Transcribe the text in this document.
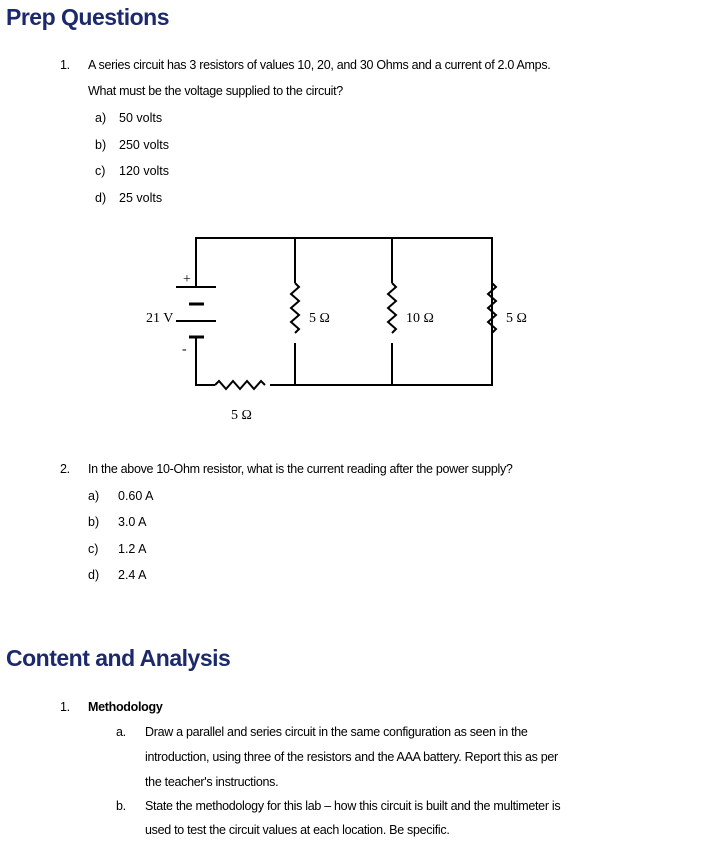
Prep Questions
1. A series circuit has 3 resistors of values 10, 20, and 30 Ohms and a current of 2.0 Amps.
What must be the voltage supplied to the circuit?
a) 50 volts
b) 250 volts
c) 120 volts
d) 25 volts
+
-
21 V	5 Ω	10 Ω	5 Ω
5 Ω
2. In the above 10-Ohm resistor, what is the current reading after the power supply?
a) 0.60 A
b) 3.0 A
c) 1.2 A
d) 2.4 A
Content and Analysis
1. Methodology
a. Draw a parallel and series circuit in the same configuration as seen in the
introduction, using three of the resistors and the AAA battery. Report this as per
the teacher's instructions.
b. State the methodology for this lab – how this circuit is built and the multimeter is
used to test the circuit values at each location. Be specific.
